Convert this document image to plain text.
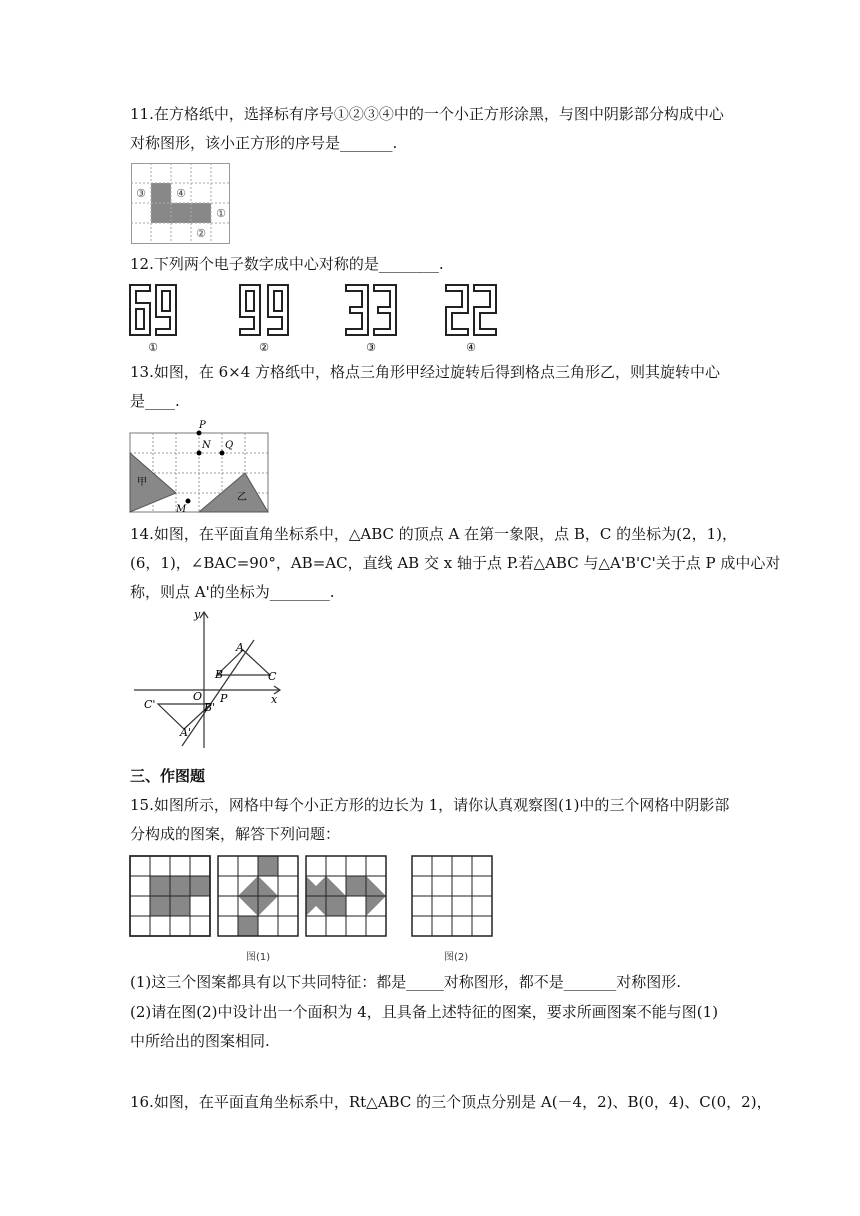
11.在方格纸中，选择标有序号①②③④中的一个小正方形涂黑，与图中阴影部分构成中心
对称图形，该小正方形的序号是_______.
③	④
①
②
12.下列两个电子数字成中心对称的是________.
①	②	③	④
13.如图，在 6×4 方格纸中，格点三角形甲经过旋转后得到格点三角形乙，则其旋转中心
是____.
P
N Q
M
甲
乙
14.如图，在平面直角坐标系中，△ABC 的顶点 A 在第一象限，点 B，C 的坐标为(2，1)，
(6，1)，∠BAC=90°，AB=AC，直线 AB 交 x 轴于点 P.若△ABC 与△A'B'C'关于点 P 成中心对
称，则点 A'的坐标为________.
y
x
A
B	C
O P
C'	B'
A'
三、作图题
15.如图所示，网格中每个小正方形的边长为 1，请你认真观察图(1)中的三个网格中阴影部
分构成的图案，解答下列问题：
图(1)	图(2)
(1)这三个图案都具有以下共同特征：都是_____对称图形，都不是_______对称图形.
(2)请在图(2)中设计出一个面积为 4，且具备上述特征的图案，要求所画图案不能与图(1)
中所给出的图案相同.
16.如图，在平面直角坐标系中，Rt△ABC 的三个顶点分别是 A(－4，2)、B(0，4)、C(0，2)，
